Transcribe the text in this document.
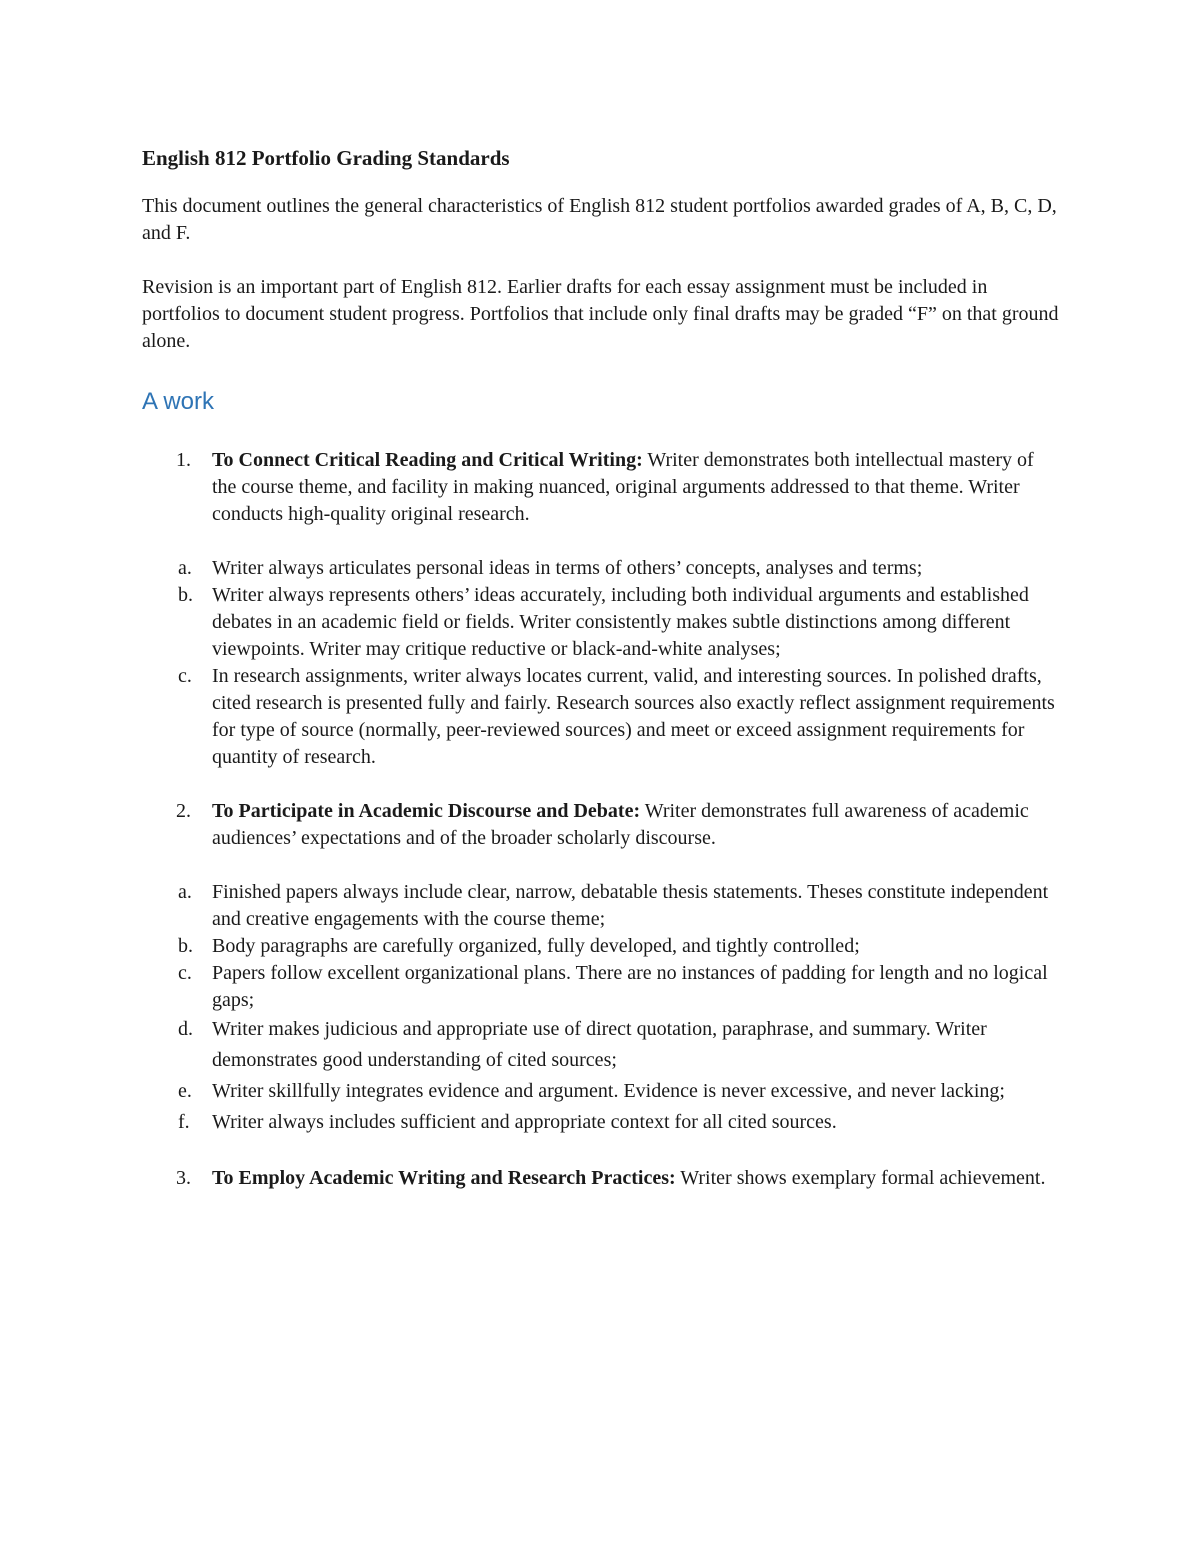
English 812 Portfolio Grading Standards

This document outlines the general characteristics of English 812 student portfolios awarded grades of A, B, C, D, and F.

Revision is an important part of English 812. Earlier drafts for each essay assignment must be included in portfolios to document student progress. Portfolios that include only final drafts may be graded “F” on that ground alone.

A work
1. To Connect Critical Reading and Critical Writing: Writer demonstrates both intellectual mastery of the course theme, and facility in making nuanced, original arguments addressed to that theme. Writer conducts high-quality original research.
a. Writer always articulates personal ideas in terms of others’ concepts, analyses and terms;
b. Writer always represents others’ ideas accurately, including both individual arguments and established debates in an academic field or fields. Writer consistently makes subtle distinctions among different viewpoints. Writer may critique reductive or black-and-white analyses;
c. In research assignments, writer always locates current, valid, and interesting sources. In polished drafts, cited research is presented fully and fairly. Research sources also exactly reflect assignment requirements for type of source (normally, peer-reviewed sources) and meet or exceed assignment requirements for quantity of research.
2. To Participate in Academic Discourse and Debate: Writer demonstrates full awareness of academic audiences’ expectations and of the broader scholarly discourse.
a. Finished papers always include clear, narrow, debatable thesis statements. Theses constitute independent and creative engagements with the course theme;
b. Body paragraphs are carefully organized, fully developed, and tightly controlled;
c. Papers follow excellent organizational plans. There are no instances of padding for length and no logical gaps;
d. Writer makes judicious and appropriate use of direct quotation, paraphrase, and summary. Writer demonstrates good understanding of cited sources;
e. Writer skillfully integrates evidence and argument. Evidence is never excessive, and never lacking;
f. Writer always includes sufficient and appropriate context for all cited sources.
3. To Employ Academic Writing and Research Practices: Writer shows exemplary formal achievement.
